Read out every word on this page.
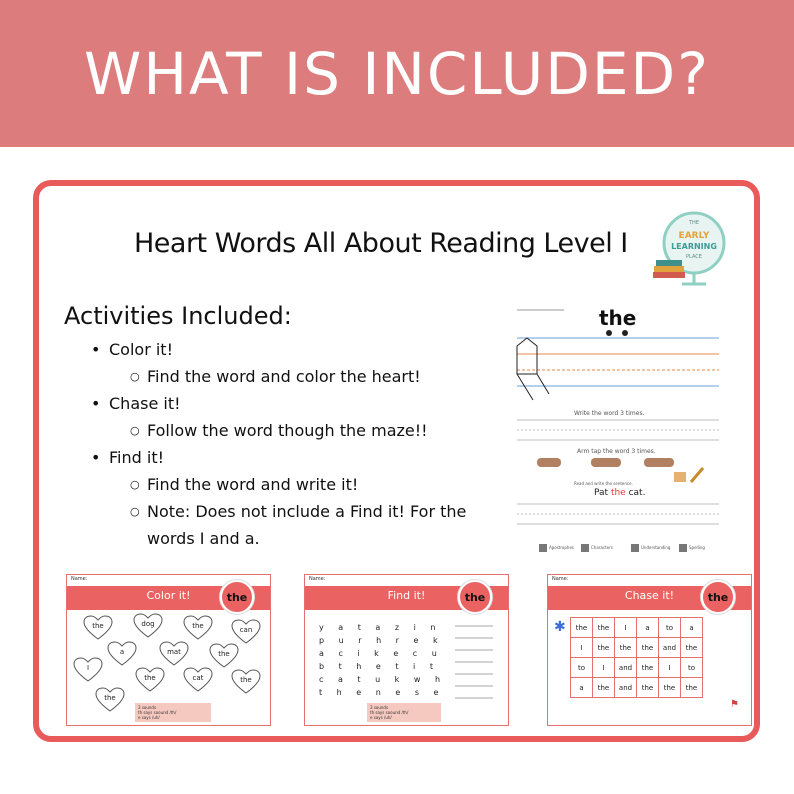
WHAT IS INCLUDED?
Heart Words All About Reading Level I
THE
EARLY
LEARNING
PLACE
Activities Included:
• Color it!
○ Find the word and color the heart!
• Chase it!
○ Follow the word though the maze!!
• Find it!
○ Find the word and write it!
○ Note: Does not include a Find it! For the words I and a.
the
Write the word 3 times.
Arm tap the word 3 times.
Read and write the sentence.
Pat the cat.
Apostrophes	Characters	Understanding	Spelling
Name:
Color it!	the
the	dog	the	can
a	mat	the
I
the	cat	the
the
3 sounds
th says soound /th/
e says /uh/
Name:
Find it!	the
y a t a z i n
p u r h r e k
a c i k e c u
b t h e t i t
c a t u k w h
t h e n e s e
3 sounds
th says soound /th/
e says /uh/
Name:
Chase it!	the
✱
⚑
the	the	I	a	to	a
I	the	the	the	and	the
to	I	and	the	I	to
a	the	and	the	the	the
